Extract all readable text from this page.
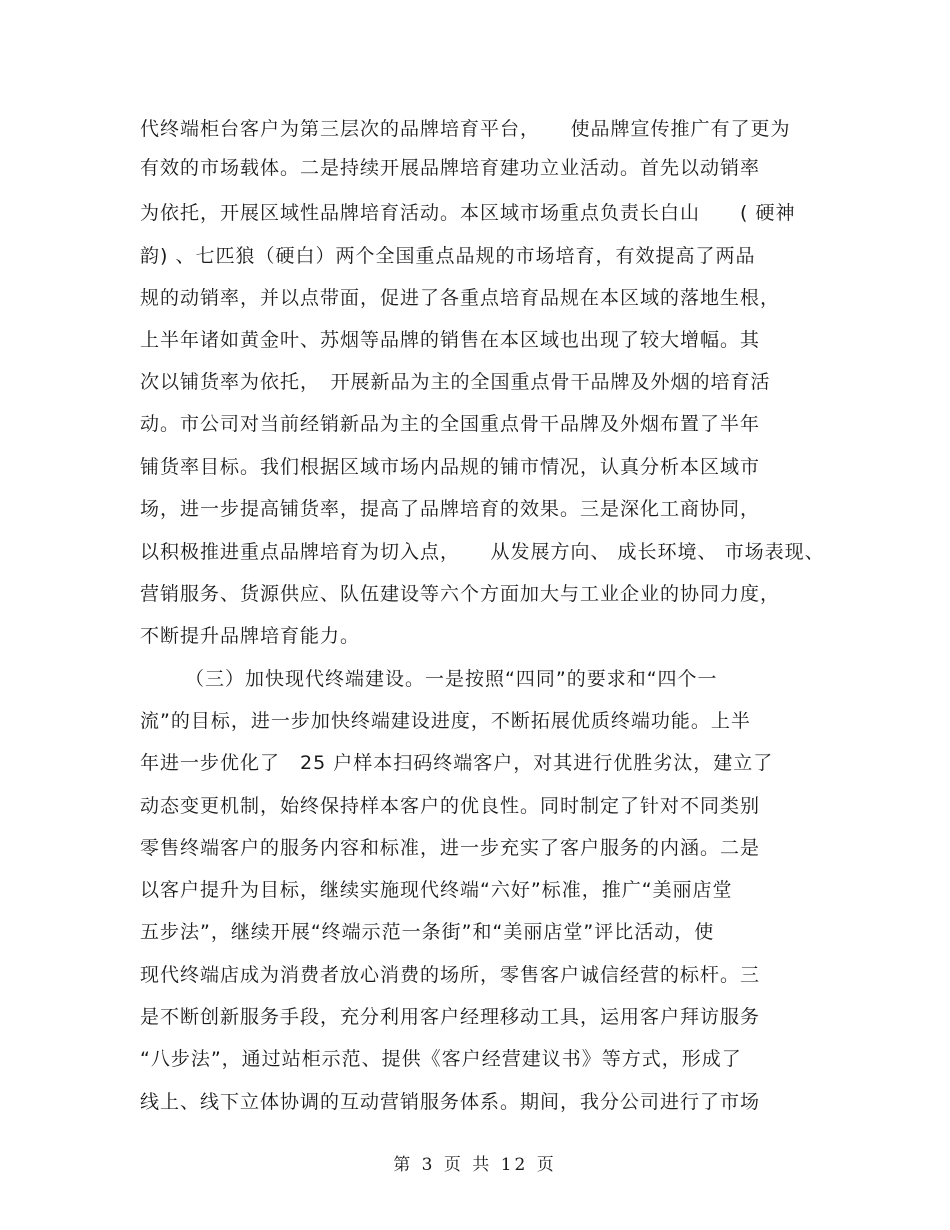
代终端柜台客户为第三层次的品牌培育平台，　　使品牌宣传推广有了更为
有效的市场载体。二是持续开展品牌培育建功立业活动。首先以动销率
为依托，开展区域性品牌培育活动。本区域市场重点负责长白山　　( 硬神
韵) 、七匹狼（硬白）两个全国重点品规的市场培育，有效提高了两品
规的动销率，并以点带面，促进了各重点培育品规在本区域的落地生根，
上半年诸如黄金叶、苏烟等品牌的销售在本区域也出现了较大增幅。其
次以铺货率为依托，　开展新品为主的全国重点骨干品牌及外烟的培育活
动。市公司对当前经销新品为主的全国重点骨干品牌及外烟布置了半年
铺货率目标。我们根据区域市场内品规的铺市情况，认真分析本区域市
场，进一步提高铺货率，提高了品牌培育的效果。三是深化工商协同，
以积极推进重点品牌培育为切入点，　　从发展方向、 成长环境、 市场表现、
营销服务、货源供应、队伍建设等六个方面加大与工业企业的协同力度，
不断提升品牌培育能力。
（三）加快现代终端建设。一是按照“四同”的要求和“四个一
流”的目标，进一步加快终端建设进度，不断拓展优质终端功能。上半
年进一步优化了　25 户样本扫码终端客户，对其进行优胜劣汰，建立了
动态变更机制，始终保持样本客户的优良性。同时制定了针对不同类别
零售终端客户的服务内容和标准，进一步充实了客户服务的内涵。二是
以客户提升为目标，继续实施现代终端“六好”标准，推广“美丽店堂
五步法”，继续开展“终端示范一条街”和“美丽店堂”评比活动，使
现代终端店成为消费者放心消费的场所，零售客户诚信经营的标杆。三
是不断创新服务手段，充分利用客户经理移动工具，运用客户拜访服务
“八步法”，通过站柜示范、提供《客户经营建议书》等方式，形成了
线上、线下立体协调的互动营销服务体系。期间，我分公司进行了市场
第 3 页 共 12 页
